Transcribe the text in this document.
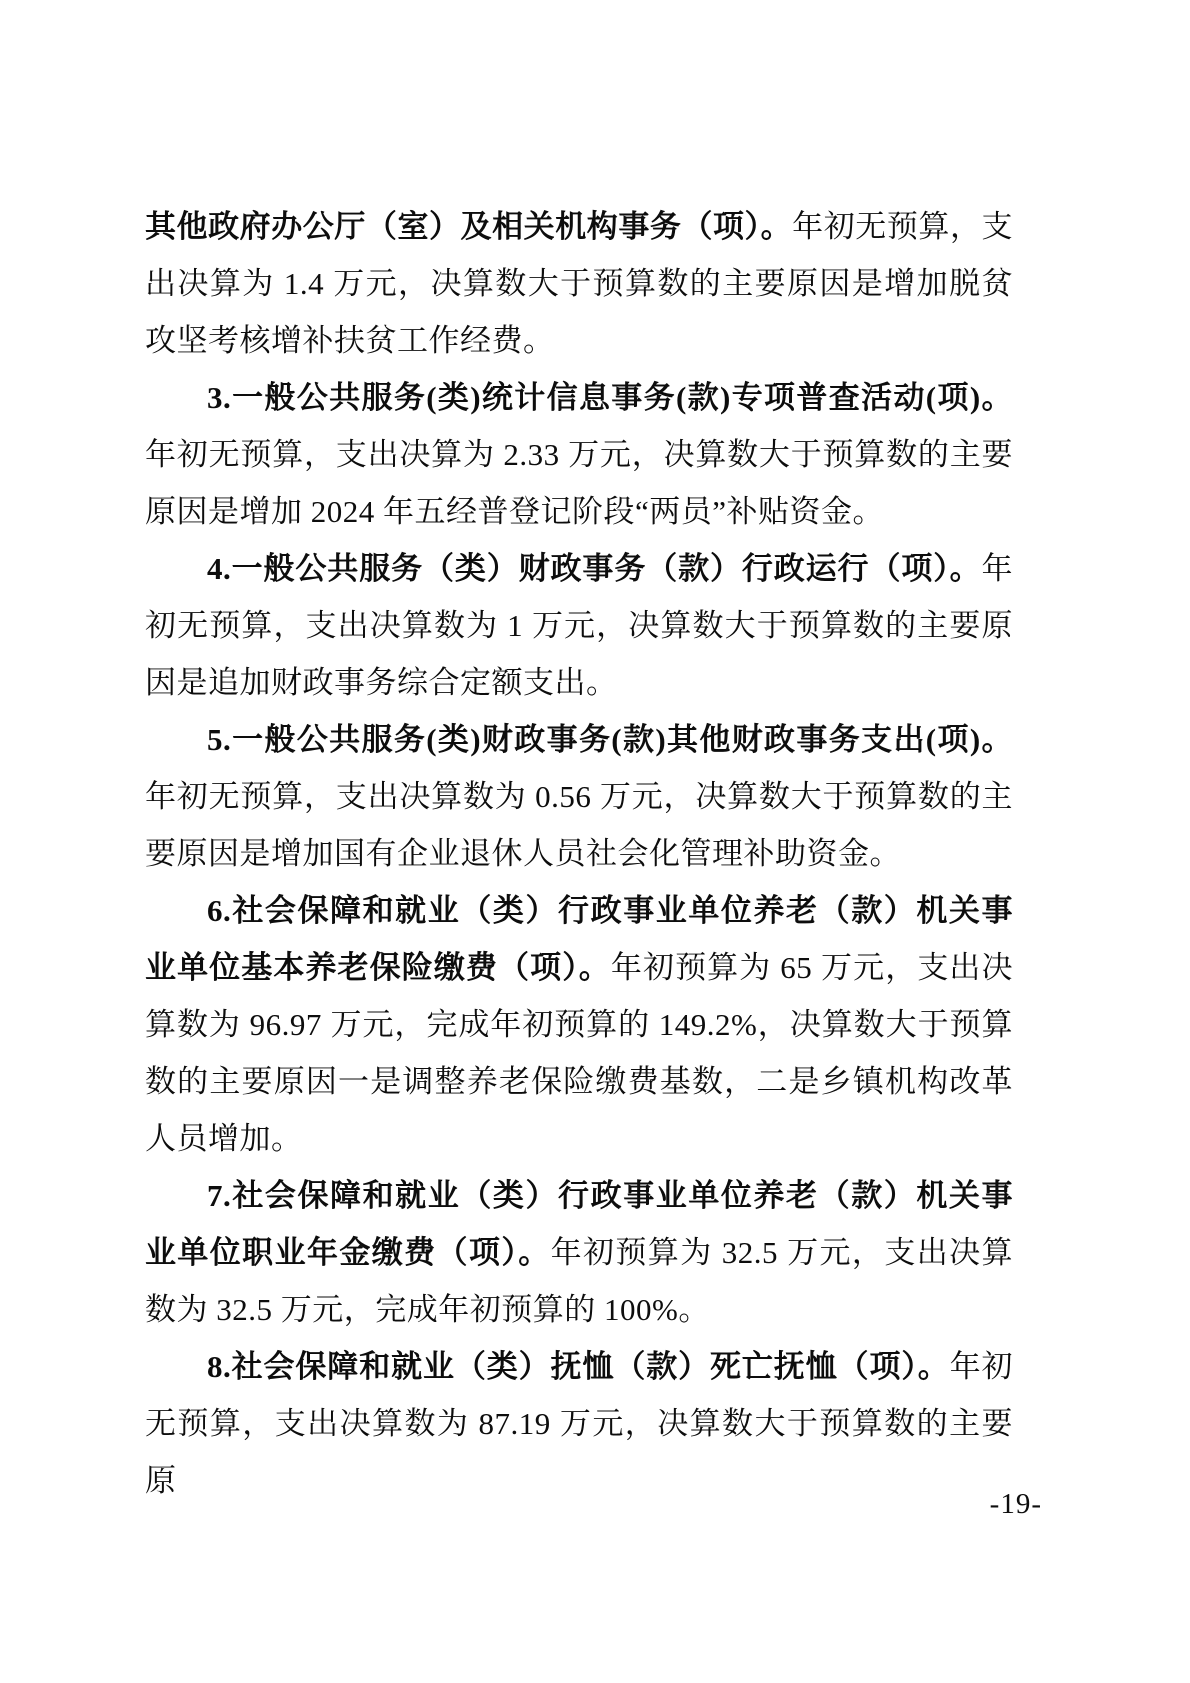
其他政府办公厅（室）及相关机构事务（项）。年初无预算，支出决算为 1.4 万元，决算数大于预算数的主要原因是增加脱贫攻坚考核增补扶贫工作经费。

3.一般公共服务(类)统计信息事务(款)专项普查活动(项)。年初无预算，支出决算为 2.33 万元，决算数大于预算数的主要原因是增加 2024 年五经普登记阶段“两员”补贴资金。

4.一般公共服务（类）财政事务（款）行政运行（项）。年初无预算，支出决算数为 1 万元，决算数大于预算数的主要原因是追加财政事务综合定额支出。

5.一般公共服务(类)财政事务(款)其他财政事务支出(项)。年初无预算，支出决算数为 0.56 万元，决算数大于预算数的主要原因是增加国有企业退休人员社会化管理补助资金。

6.社会保障和就业（类）行政事业单位养老（款）机关事业单位基本养老保险缴费（项）。年初预算为 65 万元，支出决算数为 96.97 万元，完成年初预算的 149.2%，决算数大于预算数的主要原因一是调整养老保险缴费基数，二是乡镇机构改革人员增加。

7.社会保障和就业（类）行政事业单位养老（款）机关事业单位职业年金缴费（项）。年初预算为 32.5 万元，支出决算数为 32.5 万元，完成年初预算的 100%。

8.社会保障和就业（类）抚恤（款）死亡抚恤（项）。年初无预算，支出决算数为 87.19 万元，决算数大于预算数的主要原

-19-
